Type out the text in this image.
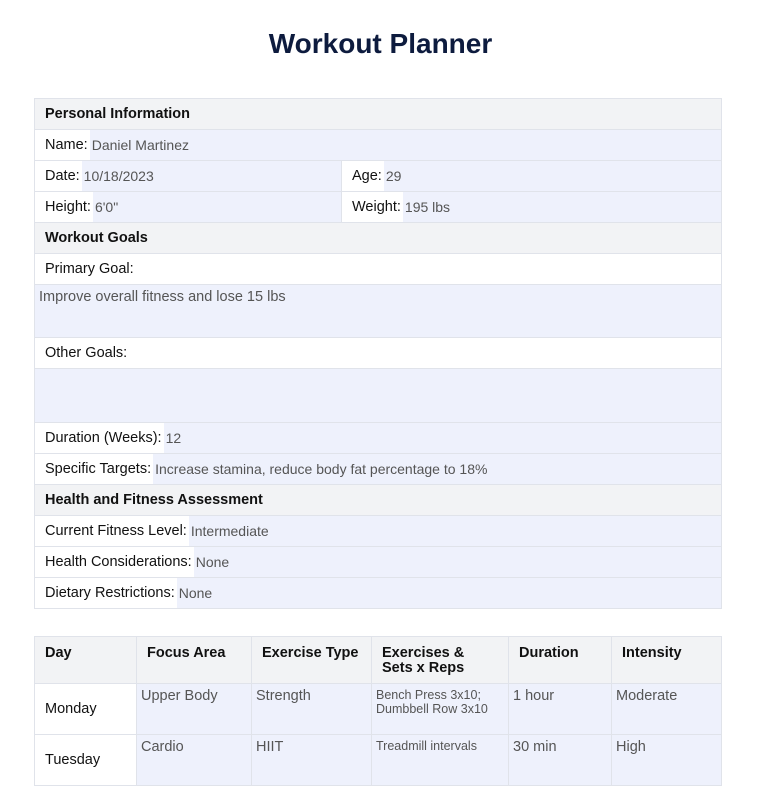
Workout Planner
Personal Information	

Name: Daniel Martinez	

Date: 10/18/2023	Age: 29

Height: 6'0"	Weight: 195 lbs

Workout Goals	
Primary Goal:	
Improve overall fitness and lose 15 lbs	
Other Goals:	

Duration (Weeks): 12	

Specific Targets: Increase stamina, reduce body fat percentage to 18%	

Health and Fitness Assessment	

Current Fitness Level: Intermediate	

Health Considerations: None	

Dietary Restrictions: None	
Day	Focus Area	Exercise Type	Exercises & Sets x Reps	Duration	Intensity
Monday	Upper Body	Strength	Bench Press 3x10; Dumbbell Row 3x10	1 hour	Moderate

Tuesday	Cardio	HIIT	Treadmill intervals	30 min	High
